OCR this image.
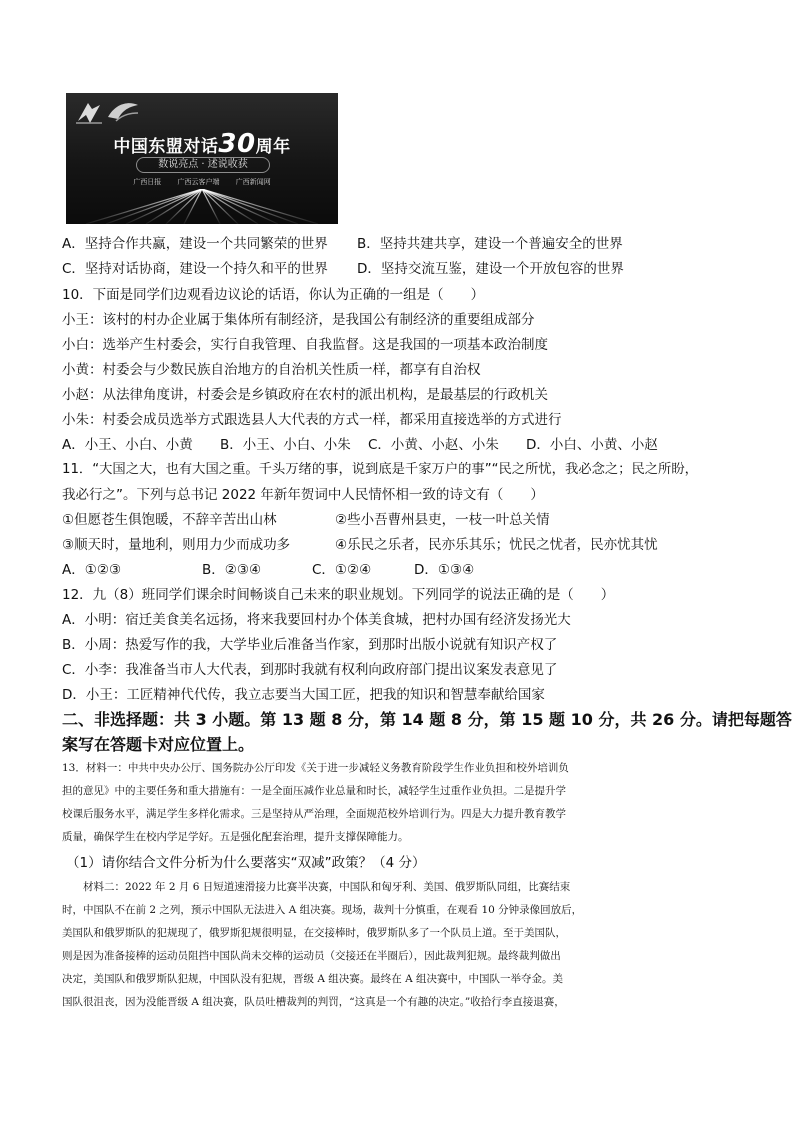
中国东盟对话30周年
数说亮点 · 述说收获
广西日报 广西云客户端 广西新闻网
A．坚持合作共赢，建设一个共同繁荣的世界 B．坚持共建共享，建设一个普遍安全的世界
C．坚持对话协商，建设一个持久和平的世界 D．坚持交流互鉴，建设一个开放包容的世界
10．下面是同学们边观看边议论的话语，你认为正确的一组是（　　）
小王：该村的村办企业属于集体所有制经济，是我国公有制经济的重要组成部分
小白：选举产生村委会，实行自我管理、自我监督。这是我国的一项基本政治制度
小黄：村委会与少数民族自治地方的自治机关性质一样，都享有自治权
小赵：从法律角度讲，村委会是乡镇政府在农村的派出机构，是最基层的行政机关
小朱：村委会成员选举方式跟选县人大代表的方式一样，都采用直接选举的方式进行
A．小王、小白、小黄 B．小王、小白、小朱 C．小黄、小赵、小朱 D．小白、小黄、小赵
11．“大国之大，也有大国之重。千头万绪的事，说到底是千家万户的事”“民之所忧，我必念之；民之所盼，
我必行之”。下列与总书记 2022 年新年贺词中人民情怀相一致的诗文有（　　）
①但愿苍生俱饱暖，不辞辛苦出山林	②些小吾曹州县吏，一枝一叶总关情
③顺天时，量地利，则用力少而成功多	④乐民之乐者，民亦乐其乐；忧民之忧者，民亦忧其忧
A．①②③	B．②③④	C．①②④	D．①③④
12．九（8）班同学们课余时间畅谈自己未来的职业规划。下列同学的说法正确的是（　　）
A．小明：宿迁美食美名远扬，将来我要回村办个体美食城，把村办国有经济发扬光大
B．小周：热爱写作的我，大学毕业后准备当作家，到那时出版小说就有知识产权了
C．小李：我准备当市人大代表，到那时我就有权利向政府部门提出议案发表意见了
D．小王：工匠精神代代传，我立志要当大国工匠，把我的知识和智慧奉献给国家
二、非选择题：共 3 小题。第 13 题 8 分，第 14 题 8 分，第 15 题 10 分，共 26 分。请把每题答
案写在答题卡对应位置上。
13．材料一：中共中央办公厅、国务院办公厅印发《关于进一步减轻义务教育阶段学生作业负担和校外培训负
担的意见》中的主要任务和重大措施有：一是全面压减作业总量和时长，减轻学生过重作业负担。二是提升学
校课后服务水平，满足学生多样化需求。三是坚持从严治理，全面规范校外培训行为。四是大力提升教育教学
质量，确保学生在校内学足学好。五是强化配套治理，提升支撑保障能力。
（1）请你结合文件分析为什么要落实“双减”政策？（4 分）
　　材料二：2022 年 2 月 6 日短道速滑接力比赛半决赛，中国队和匈牙利、美国、俄罗斯队同组，比赛结束
时，中国队不在前 2 之列，预示中国队无法进入 A 组决赛。现场，裁判十分慎重，在观看 10 分钟录像回放后，
美国队和俄罗斯队的犯规现了，俄罗斯犯规很明显，在交接棒时，俄罗斯队多了一个队员上道。至于美国队，
则是因为准备接棒的运动员阻挡中国队尚未交棒的运动员（交接还在半圈后），因此裁判犯规。最终裁判做出
决定，美国队和俄罗斯队犯规，中国队没有犯规，晋级 A 组决赛。最终在 A 组决赛中，中国队一举夺金。美
国队很沮丧，因为没能晋级 A 组决赛，队员吐槽裁判的判罚，“这真是一个有趣的决定。”收拾行李直接退赛，
